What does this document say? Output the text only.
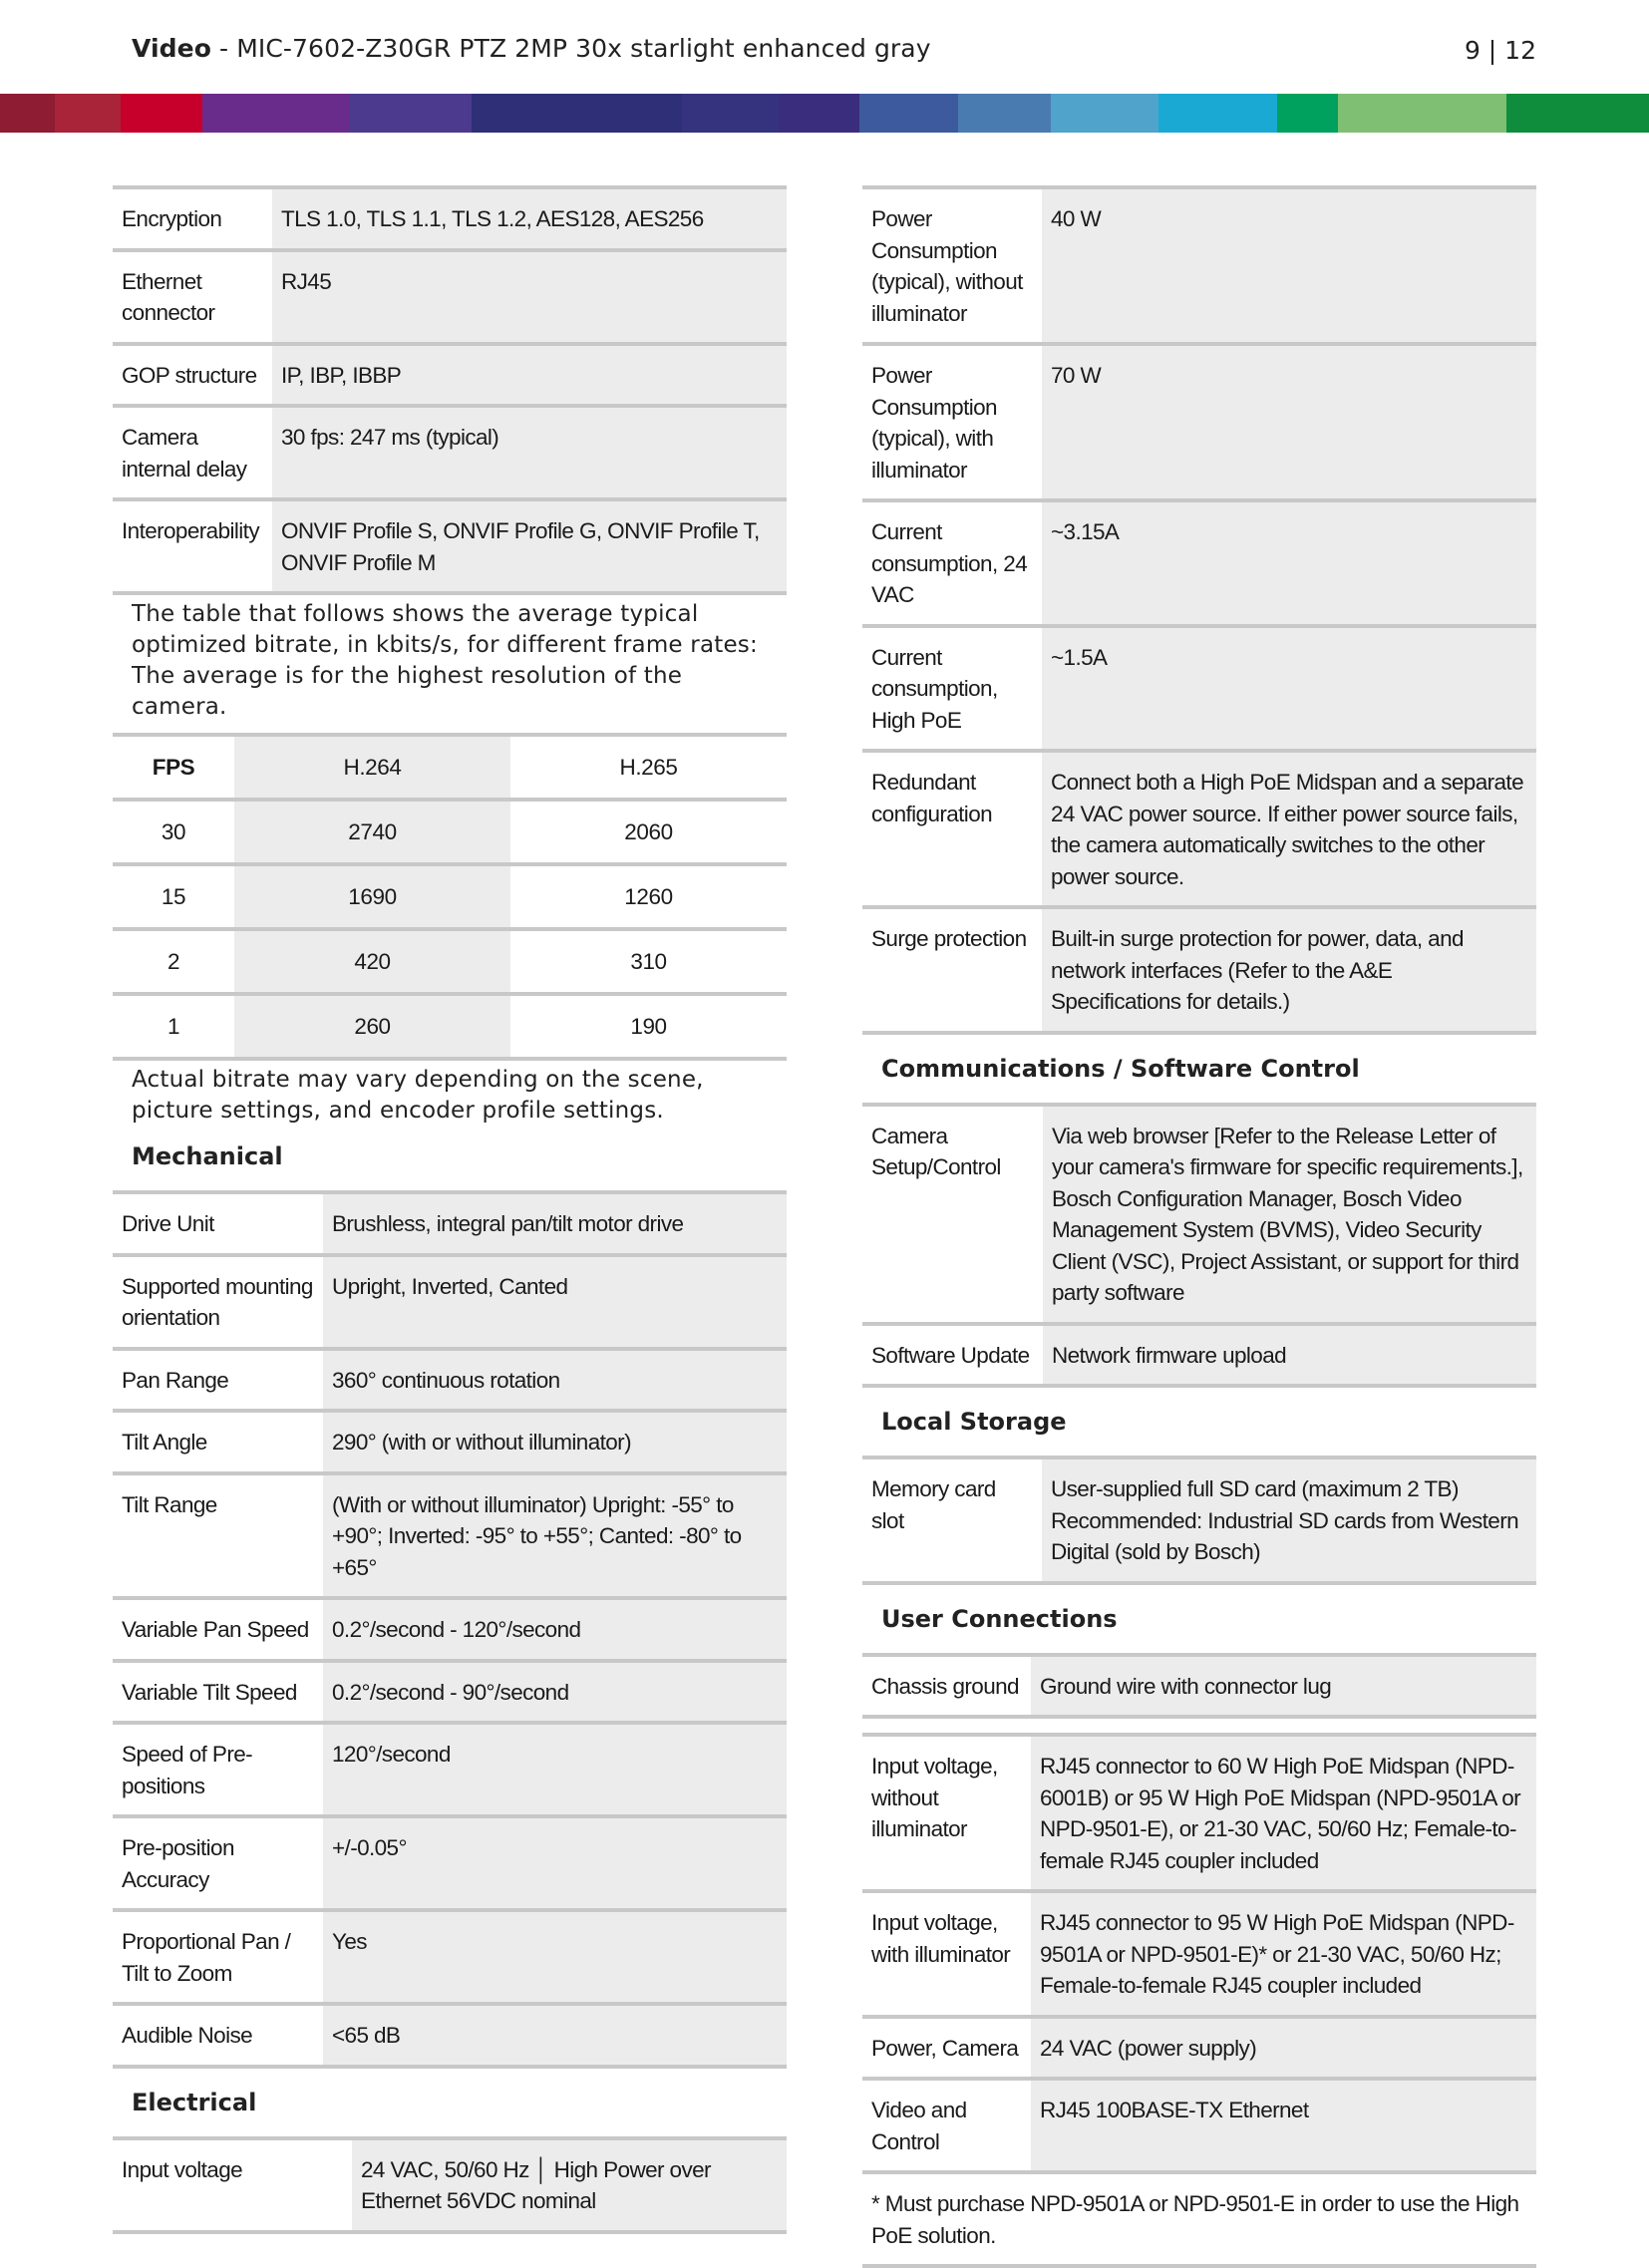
Video - MIC-7602-Z30GR PTZ 2MP 30x starlight enhanced gray	9 | 12
Encryption	TLS 1.0, TLS 1.1, TLS 1.2, AES128, AES256
Ethernet connector	RJ45
GOP structure	IP, IBP, IBBP
Camera internal delay	30 fps: 247 ms (typical)
Interoperability	ONVIF Profile S, ONVIF Profile G, ONVIF Profile T, ONVIF Profile M
The table that follows shows the average typical optimized bitrate, in kbits/s, for different frame rates: The average is for the highest resolution of the camera.
FPS	H.264	H.265
30	2740	2060
15	1690	1260
2	420	310
1	260	190
Actual bitrate may vary depending on the scene, picture settings, and encoder profile settings.
Mechanical
Drive Unit	Brushless, integral pan/tilt motor drive
Supported mounting orientation	Upright, Inverted, Canted
Pan Range	360° continuous rotation
Tilt Angle	290° (with or without illuminator)
Tilt Range	(With or without illuminator) Upright: -55° to +90°; Inverted: -95° to +55°; Canted: -80° to +65°
Variable Pan Speed	0.2°/second - 120°/second
Variable Tilt Speed	0.2°/second - 90°/second
Speed of Pre-positions	120°/second
Pre-position Accuracy	+/-0.05°
Proportional Pan / Tilt to Zoom	Yes
Audible Noise	<65 dB
Electrical
Input voltage	24 VAC, 50/60 Hz │ High Power over Ethernet 56VDC nominal
Power Consumption (typical), without illuminator	40 W
Power Consumption (typical), with illuminator	70 W
Current consumption, 24 VAC	~3.15A
Current consumption, High PoE	~1.5A
Redundant configuration	Connect both a High PoE Midspan and a separate 24 VAC power source. If either power source fails, the camera automatically switches to the other power source.
Surge protection	Built-in surge protection for power, data, and network interfaces (Refer to the A&E Specifications for details.)
Communications / Software Control
Camera Setup/Control	Via web browser [Refer to the Release Letter of your camera's firmware for specific requirements.], Bosch Configuration Manager, Bosch Video Management System (BVMS), Video Security Client (VSC), Project Assistant, or support for third party software
Software Update	Network firmware upload
Local Storage
Memory card slot	User-supplied full SD card (maximum 2 TB) Recommended: Industrial SD cards from Western Digital (sold by Bosch)
User Connections
Chassis ground	Ground wire with connector lug
Input voltage, without illuminator	RJ45 connector to 60 W High PoE Midspan (NPD-6001B) or 95 W High PoE Midspan (NPD-9501A or NPD-9501-E), or 21-30 VAC, 50/60 Hz; Female-to-female RJ45 coupler included
Input voltage, with illuminator	RJ45 connector to 95 W High PoE Midspan (NPD-9501A or NPD-9501-E)* or 21-30 VAC, 50/60 Hz; Female-to-female RJ45 coupler included
Power, Camera	24 VAC (power supply)
Video and Control	RJ45 100BASE-TX Ethernet
* Must purchase NPD-9501A or NPD-9501-E in order to use the High PoE solution.
